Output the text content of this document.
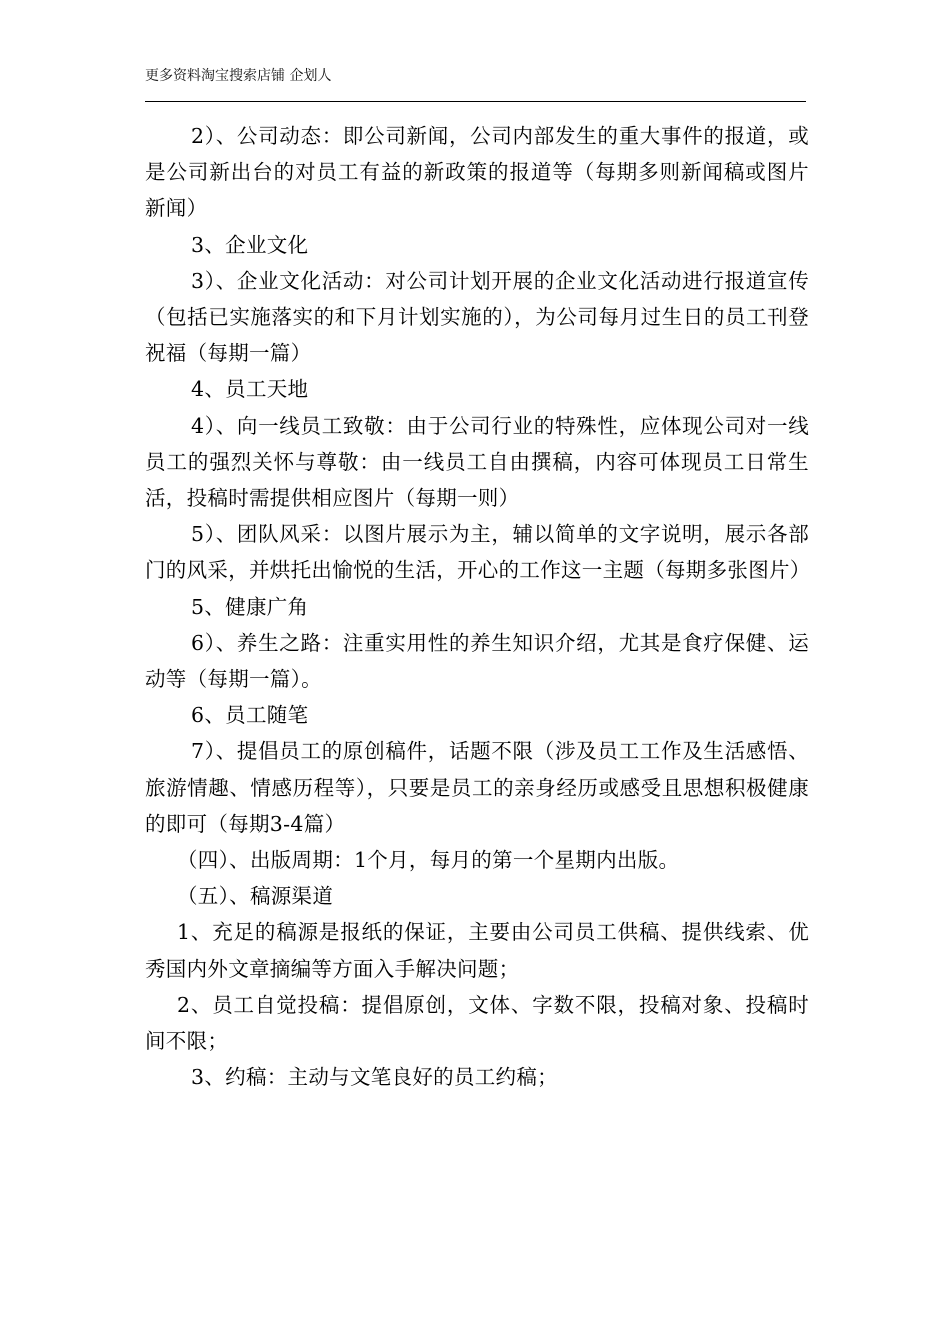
更多资料淘宝搜索店铺 企划人

2）、公司动态：即公司新闻，公司内部发生的重大事件的报道，或是公司新出台的对员工有益的新政策的报道等（每期多则新闻稿或图片新闻）

3、企业文化

3）、企业文化活动：对公司计划开展的企业文化活动进行报道宣传（包括已实施落实的和下月计划实施的），为公司每月过生日的员工刊登祝福（每期一篇）

4、员工天地

4）、向一线员工致敬：由于公司行业的特殊性，应体现公司对一线员工的强烈关怀与尊敬：由一线员工自由撰稿，内容可体现员工日常生活，投稿时需提供相应图片（每期一则）

5）、团队风采：以图片展示为主，辅以简单的文字说明，展示各部门的风采，并烘托出愉悦的生活，开心的工作这一主题（每期多张图片）

5、健康广角

6）、养生之路：注重实用性的养生知识介绍，尤其是食疗保健、运动等（每期一篇）。

6、员工随笔

7）、提倡员工的原创稿件，话题不限（涉及员工工作及生活感悟、旅游情趣、情感历程等），只要是员工的亲身经历或感受且思想积极健康的即可（每期3-4篇）

（四）、出版周期：1个月，每月的第一个星期内出版。

（五）、稿源渠道

1、充足的稿源是报纸的保证，主要由公司员工供稿、提供线索、优秀国内外文章摘编等方面入手解决问题；

2、员工自觉投稿：提倡原创，文体、字数不限，投稿对象、投稿时间不限；

3、约稿：主动与文笔良好的员工约稿；
